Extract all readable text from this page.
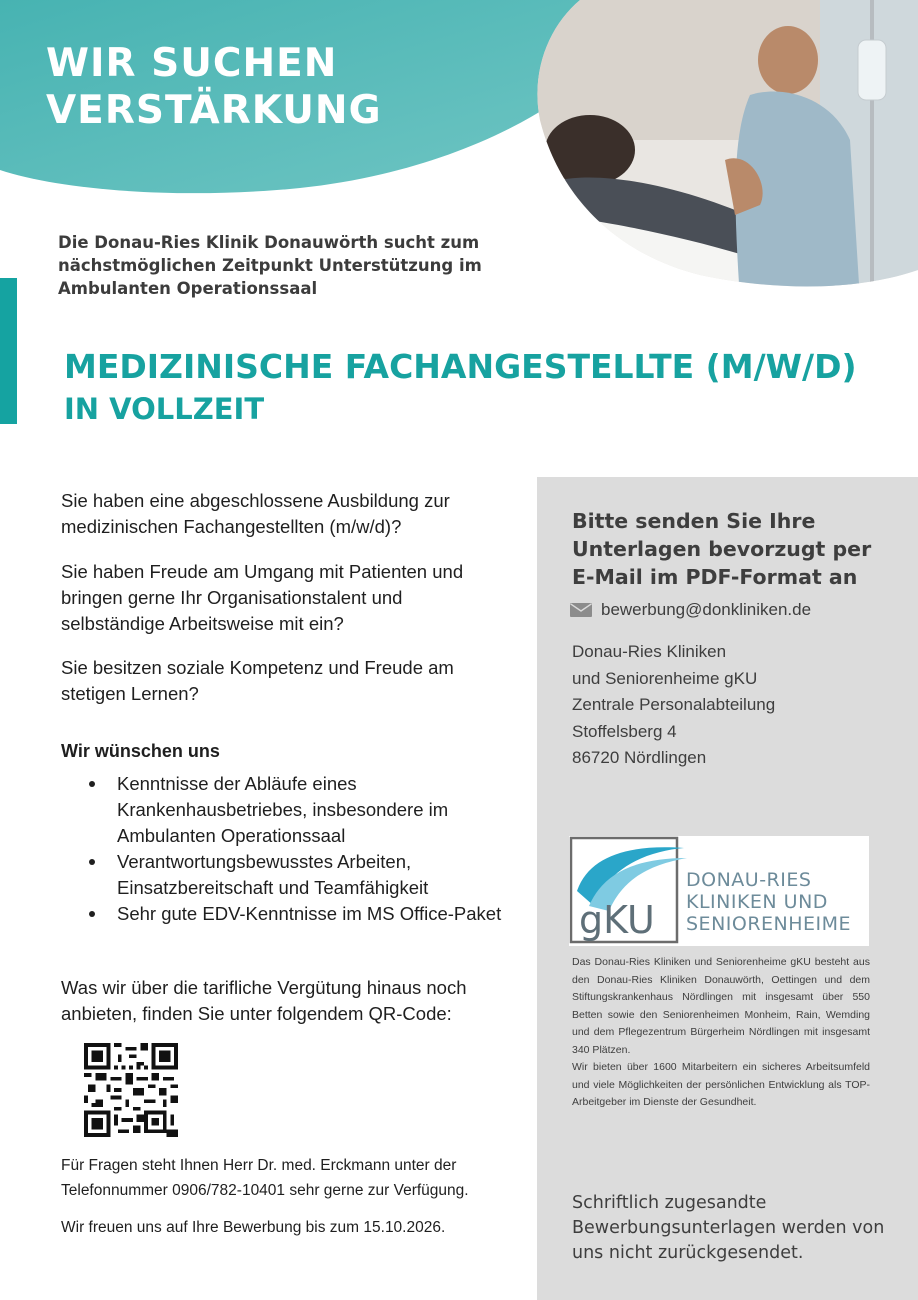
WIR SUCHEN
VERSTÄRKUNG
Die Donau-Ries Klinik Donauwörth sucht zum nächstmöglichen Zeitpunkt Unterstützung im Ambulanten Operationssaal
MEDIZINISCHE FACHANGESTELLTE (M/W/D)
IN VOLLZEIT
Sie haben eine abgeschlossene Ausbildung zur medizinischen Fachangestellten (m/w/d)?
Sie haben Freude am Umgang mit Patienten und bringen gerne Ihr Organisationstalent und selbständige Arbeitsweise mit ein?
Sie besitzen soziale Kompetenz und Freude am stetigen Lernen?
Wir wünschen uns
Kenntnisse der Abläufe eines Krankenhausbetriebes, insbesondere im Ambulanten Operationssaal
Verantwortungsbewusstes Arbeiten, Einsatzbereitschaft und Teamfähigkeit
Sehr gute EDV-Kenntnisse im MS Office-Paket
Was wir über die tarifliche Vergütung hinaus noch anbieten, finden Sie unter folgendem QR-Code:
Für Fragen steht Ihnen Herr Dr. med. Erckmann unter der Telefonnummer 0906/782-10401 sehr gerne zur Verfügung.
Wir freuen uns auf Ihre Bewerbung bis zum 15.10.2026.
Bitte senden Sie Ihre Unterlagen bevorzugt per E-Mail im PDF-Format an
bewerbung@donkliniken.de
Donau-Ries Kliniken
und Seniorenheime gKU
Zentrale Personalabteilung
Stoffelsberg 4
86720 Nördlingen
gKU
DONAU-RIES
KLINIKEN UND
SENIORENHEIME

Das Donau-Ries Kliniken und Seniorenheime gKU besteht aus den Donau-Ries Kliniken Donauwörth, Oettingen und dem Stiftungskrankenhaus Nördlingen mit insgesamt über 550 Betten sowie den Seniorenheimen Monheim, Rain, Wemding und dem Pflegezentrum Bürgerheim Nördlingen mit insgesamt 340 Plätzen.

Wir bieten über 1600 Mitarbeitern ein sicheres Arbeitsumfeld und viele Möglichkeiten der persönlichen Entwicklung als TOP-Arbeitgeber im Dienste der Gesundheit.

Schriftlich zugesandte Bewerbungsunterlagen werden von uns nicht zurückgesendet.
